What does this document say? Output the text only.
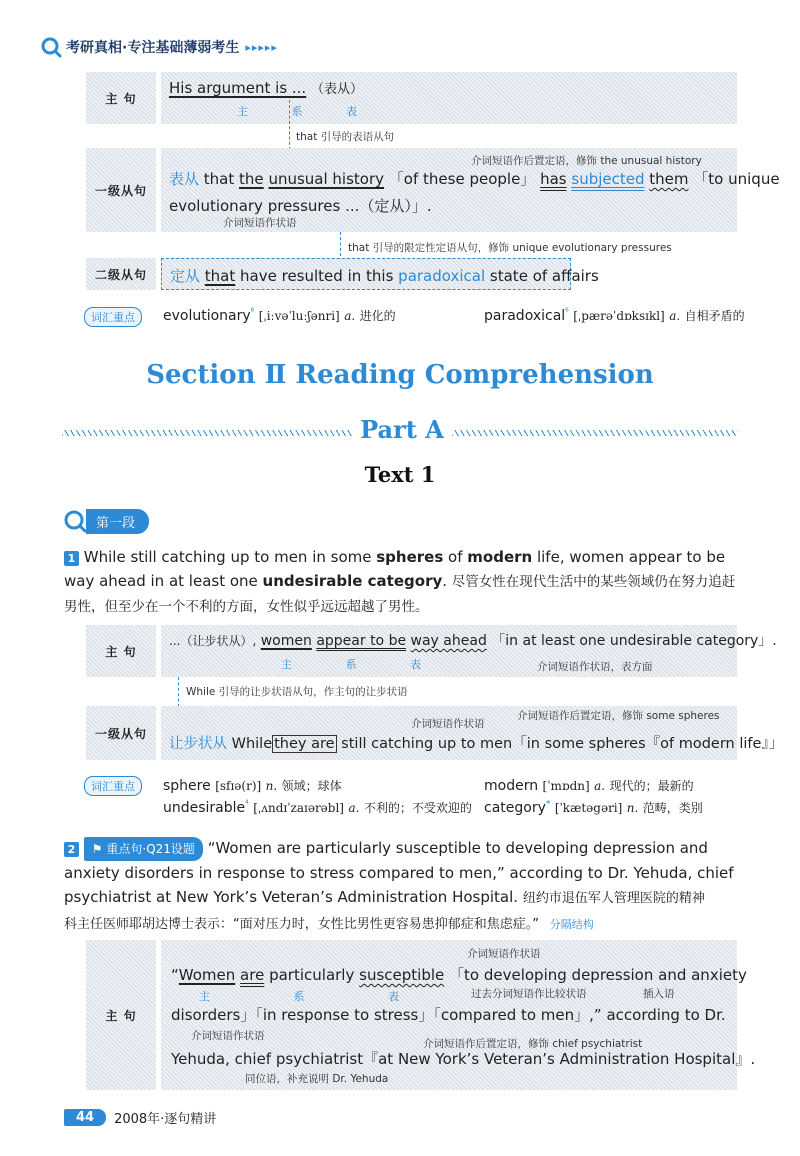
考研真相·专注基础薄弱考生 ▸▸▸▸▸
主 句
His argument is ... （表从）
主	系	表
that 引导的表语从句
一级从句
介词短语作后置定语，修饰 the unusual history
表从 that the unusual history 「of these people」 has subjected them 「to unique
evolutionary pressures ...（定从）」.
介词短语作状语
that 引导的限定性定语从句，修饰 unique evolutionary pressures
二级从句 定从 that have resulted in this paradoxical state of affairs
词汇重点	evolutionary$^{^6}$ [ˌiːvəˈluːʃənri] a. 进化的	paradoxical$^{^6}$ [ˌpærəˈdɒksɪkl] a. 自相矛盾的
Section Ⅱ Reading Comprehension
Part A
Text 1
第一段
1 While still catching up to men in some spheres of modern life, women appear to be way ahead in at least one undesirable category. 尽管女性在现代生活中的某些领域仍在努力追赶男性，但至少在一个不利的方面，女性似乎远远超越了男性。
主 句
...（让步状从）, women appear to be way ahead 「in at least one undesirable category」.
主	系	表	介词短语作状语，表方面
While 引导的让步状语从句，作主句的让步状语
一级从句
介词短语作状语
介词短语作后置定语，修饰 some spheres
让步状从 While they are still catching up to men「in some spheres『of modern life』」
词汇重点	sphere [sfɪə(r)] n. 领域；球体	modern [ˈmɒdn] a. 现代的；最新的
undesirable$^{^4}$ [ˌʌndɪˈzaɪərəbl] a. 不利的；不受欢迎的 category* [ˈkætəgəri] n. 范畴，类别
2 ⚑ 重点句·Q21设题 “Women are particularly susceptible to developing depression and
anxiety disorders in response to stress compared to men,” according to Dr. Yehuda, chief
psychiatrist at New York’s Veteran’s Administration Hospital. 纽约市退伍军人管理医院的精神
科主任医师耶胡达博士表示：“面对压力时，女性比男性更容易患抑郁症和焦虑症。” 分隔结构
主 句
介词短语作状语
“Women are particularly susceptible 「to developing depression and anxiety
主	系	表	过去分词短语作比较状语	插入语
disorders」「in response to stress」「compared to men」,” according to Dr.
介词短语作状语
介词短语作后置定语，修饰 chief psychiatrist
Yehuda, chief psychiatrist『at New York’s Veteran’s Administration Hospital』.
同位语，补充说明 Dr. Yehuda
44	2008年·逐句精讲
